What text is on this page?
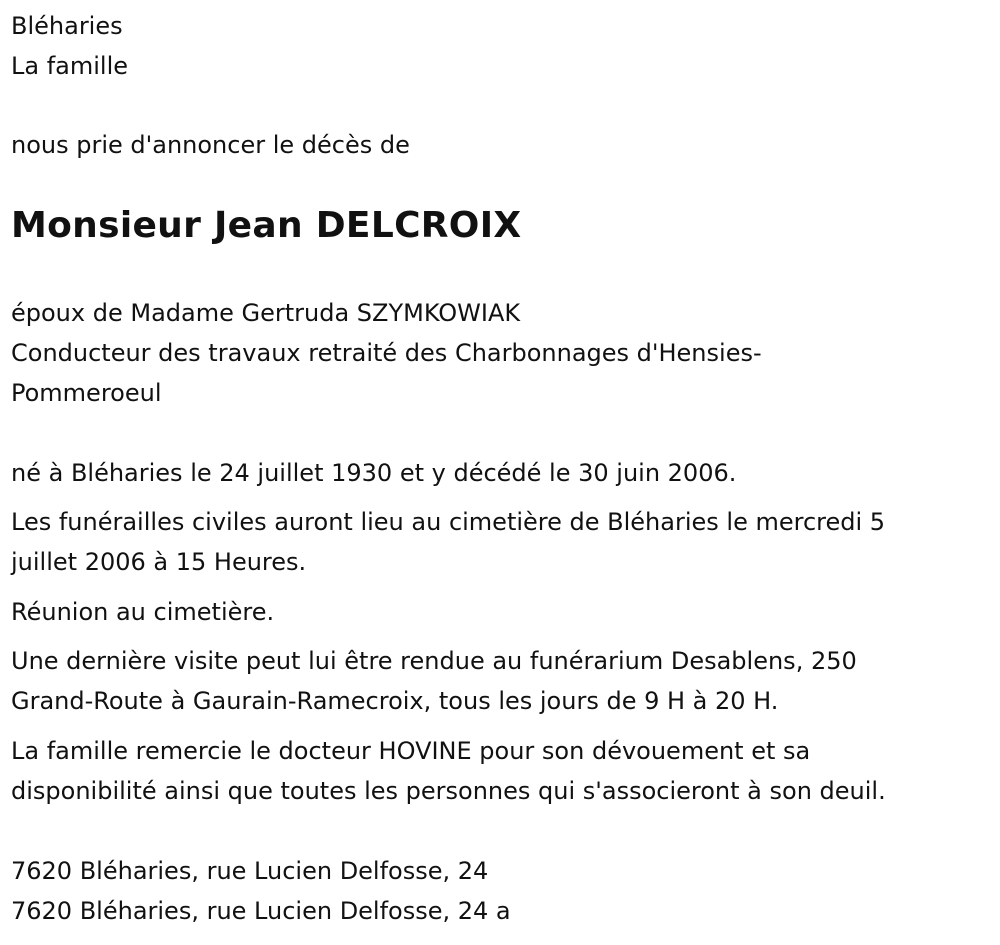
Bléharies
La famille
nous prie d'annoncer le décès de
Monsieur Jean DELCROIX
époux de Madame Gertruda SZYMKOWIAK
Conducteur des travaux retraité des Charbonnages d'Hensies-
Pommeroeul
né à Bléharies le 24 juillet 1930 et y décédé le 30 juin 2006.
Les funérailles civiles auront lieu au cimetière de Bléharies le mercredi 5
juillet 2006 à 15 Heures.
Réunion au cimetière.
Une dernière visite peut lui être rendue au funérarium Desablens, 250
Grand-Route à Gaurain-Ramecroix, tous les jours de 9 H à 20 H.
La famille remercie le docteur HOVINE pour son dévouement et sa
disponibilité ainsi que toutes les personnes qui s'associeront à son deuil.
7620 Bléharies, rue Lucien Delfosse, 24
7620 Bléharies, rue Lucien Delfosse, 24 a
